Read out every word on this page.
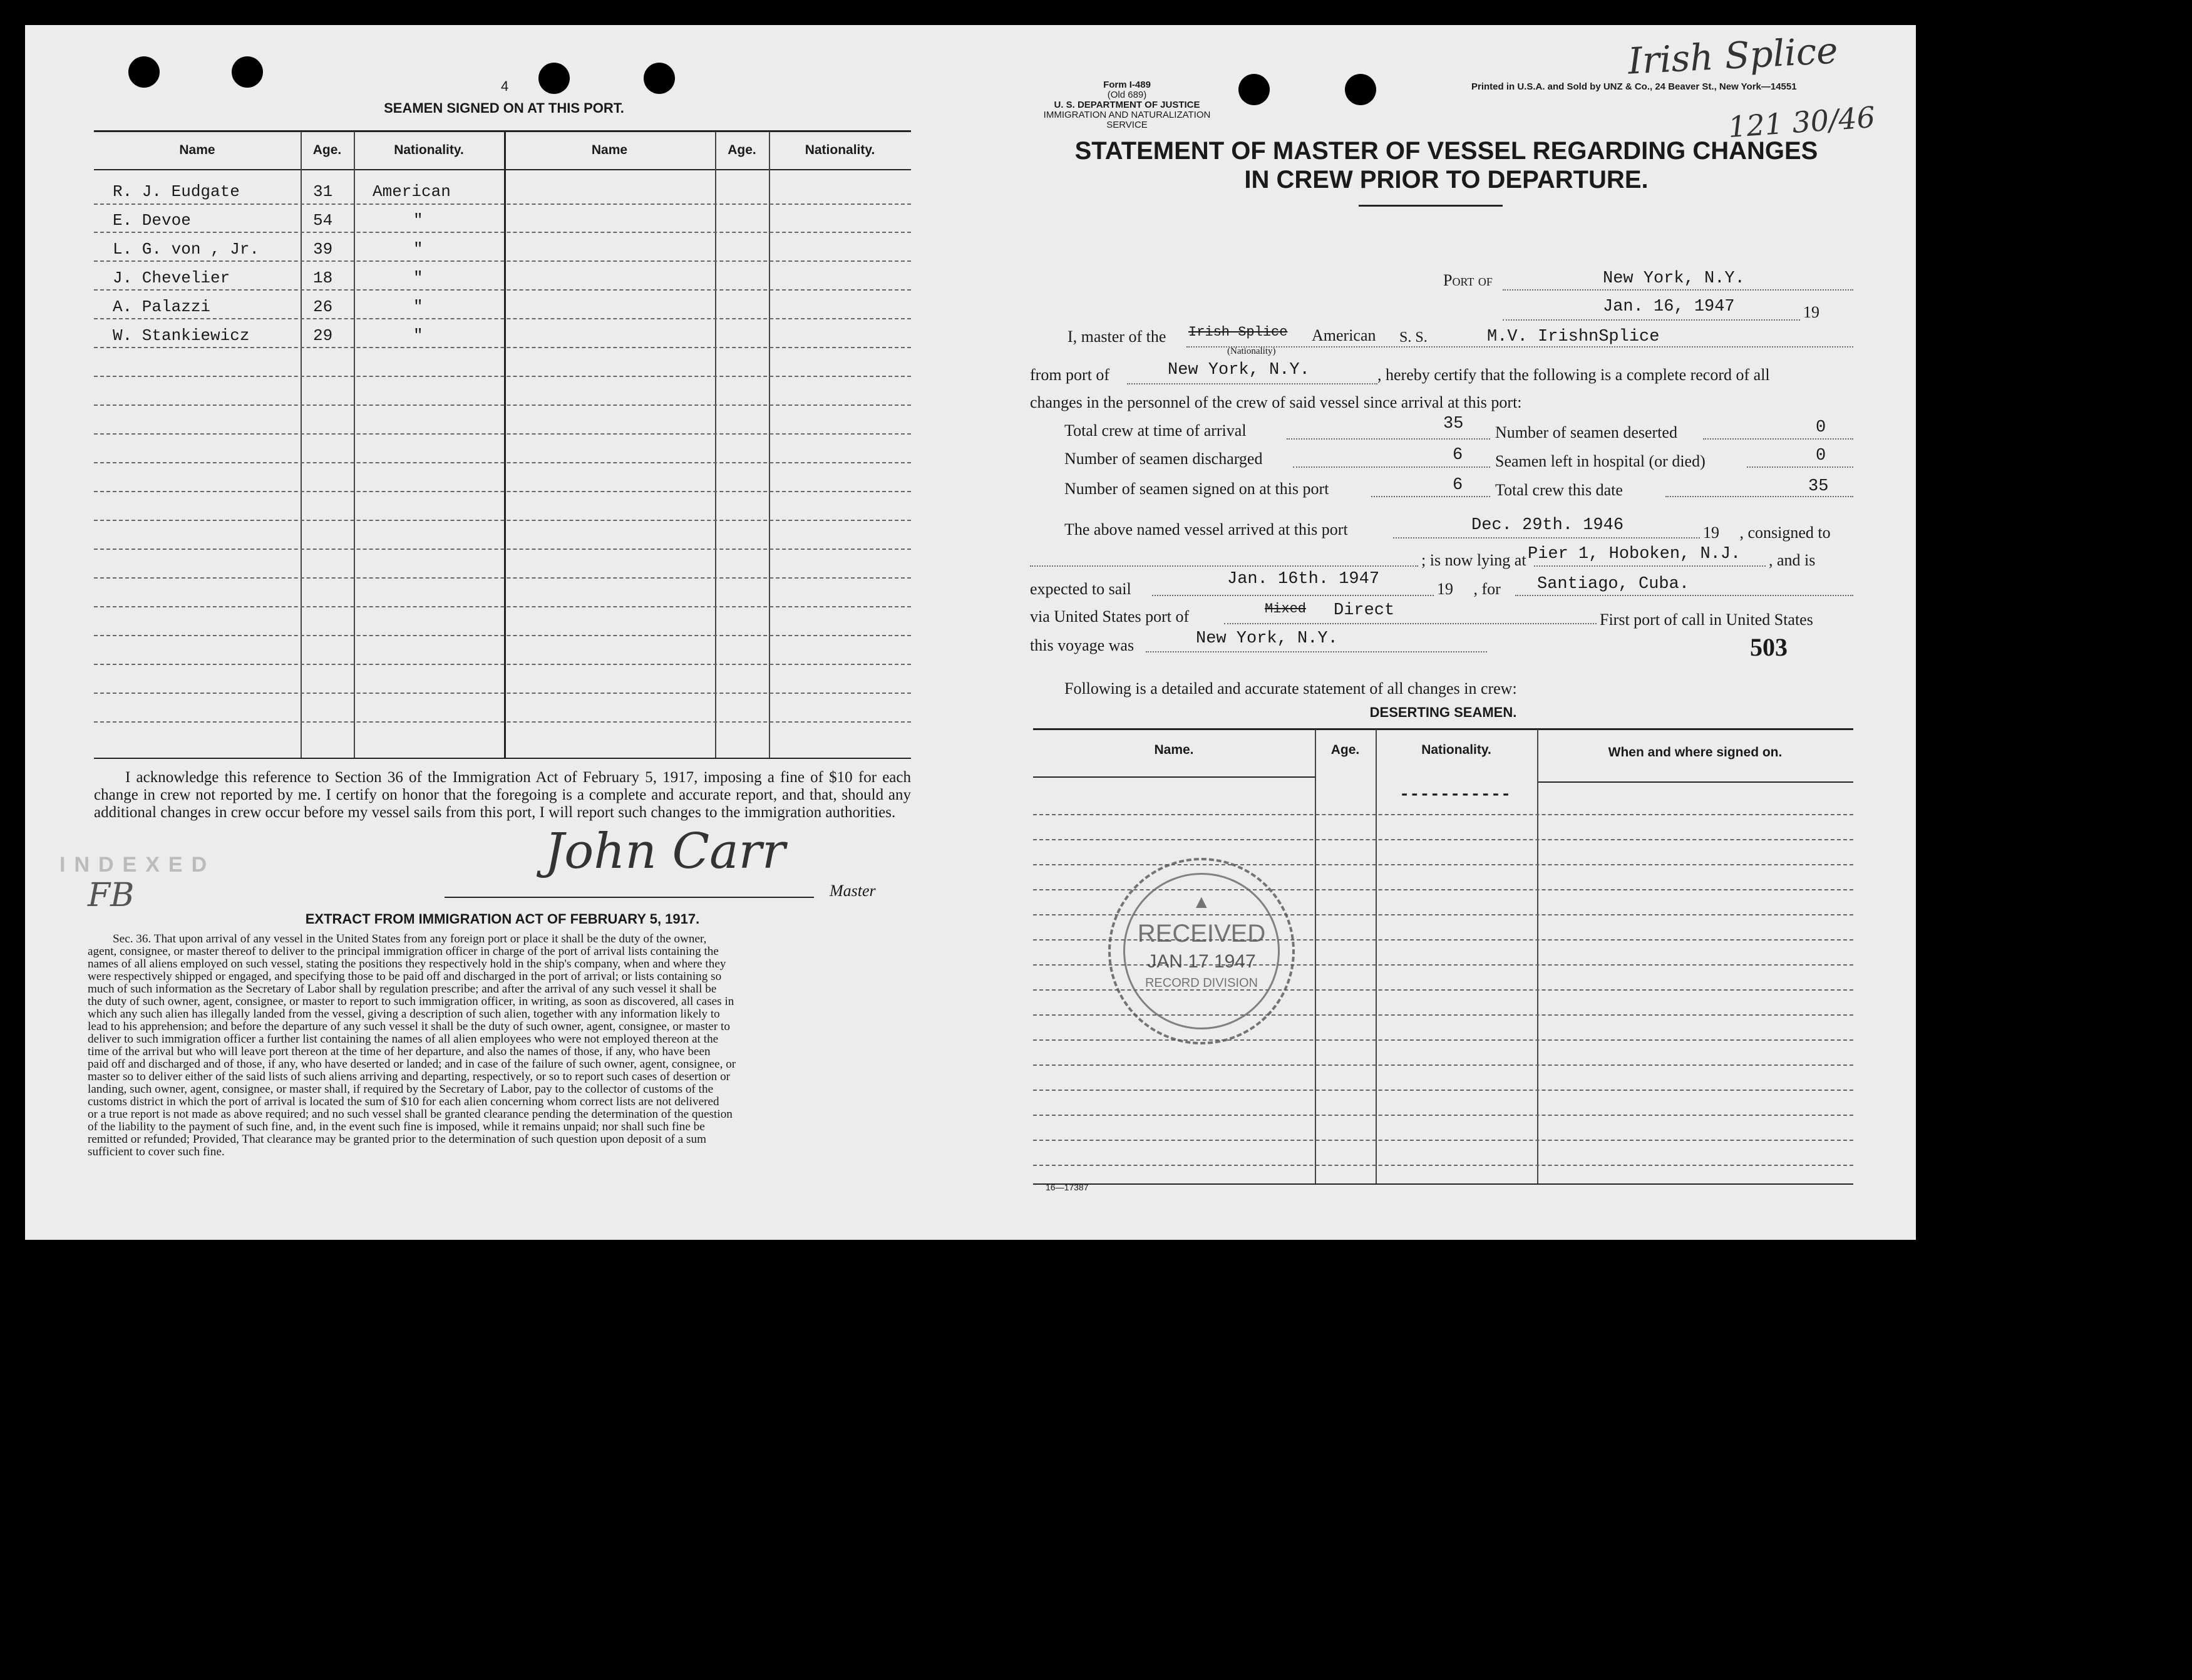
4
SEAMEN SIGNED ON AT THIS PORT.
Name	Age.	Nationality.	Name	Age.	Nationality.
R. J. Eudgate	31 American
E. Devoe	54	"
L. G. von , Jr.	39	"
J. Chevelier	18	"
A. Palazzi	26	"
W. Stankiewicz	29	"
I acknowledge this reference to Section 36 of the Immigration Act of February 5, 1917, imposing a fine of $10 for each change in crew not reported by me. I certify on honor that the foregoing is a complete and accurate report, and that, should any additional changes in crew occur before my vessel sails from this port, I will report such changes to the immigration authorities.
INDEXED
FB
John Carr
Master
EXTRACT FROM IMMIGRATION ACT OF FEBRUARY 5, 1917.
Sec. 36. That upon arrival of any vessel in the United States from any foreign port or place it shall be the duty of the owner,
agent, consignee, or master thereof to deliver to the principal immigration officer in charge of the port of arrival lists containing the
names of all aliens employed on such vessel, stating the positions they respectively hold in the ship's company, when and where they
were respectively shipped or engaged, and specifying those to be paid off and discharged in the port of arrival; or lists containing so
much of such information as the Secretary of Labor shall by regulation prescribe; and after the arrival of any such vessel it shall be
the duty of such owner, agent, consignee, or master to report to such immigration officer, in writing, as soon as discovered, all cases in
which any such alien has illegally landed from the vessel, giving a description of such alien, together with any information likely to
lead to his apprehension; and before the departure of any such vessel it shall be the duty of such owner, agent, consignee, or master to
deliver to such immigration officer a further list containing the names of all alien employees who were not employed thereon at the
time of the arrival but who will leave port thereon at the time of her departure, and also the names of those, if any, who have been
paid off and discharged and of those, if any, who have deserted or landed; and in case of the failure of such owner, agent, consignee, or
master so to deliver either of the said lists of such aliens arriving and departing, respectively, or so to report such cases of desertion or
landing, such owner, agent, consignee, or master shall, if required by the Secretary of Labor, pay to the collector of customs of the
customs district in which the port of arrival is located the sum of $10 for each alien concerning whom correct lists are not delivered
or a true report is not made as above required; and no such vessel shall be granted clearance pending the determination of the question
of the liability to the payment of such fine, and, in the event such fine is imposed, while it remains unpaid; nor shall such fine be
remitted or refunded; Provided, That clearance may be granted prior to the determination of such question upon deposit of a sum
sufficient to cover such fine.
Form I-489
(Old 689)
U. S. DEPARTMENT OF JUSTICE
IMMIGRATION AND NATURALIZATION SERVICE
Printed in U.S.A. and Sold by UNZ & Co., 24 Beaver St., New York—14551
Irish Splice
121 30/46
STATEMENT OF MASTER OF VESSEL REGARDING CHANGES
IN CREW PRIOR TO DEPARTURE.
Port of	New York, N.Y.
Jan. 16, 1947	19
I, master of the Irish Splice American
(Nationality)
S. S.	M.V. IrishnSplice
from port of	New York, N.Y.	, hereby certify that the following is a complete record of all
changes in the personnel of the crew of said vessel since arrival at this port:
Total crew at time of arrival	35 Number of seamen deserted	0
Number of seamen discharged	6 Seamen left in hospital (or died)	0
Number of seamen signed on at this port	6 Total crew this date	35
The above named vessel arrived at this port	Dec. 29th. 1946	19     , consigned to
; is now lying at Pier 1, Hoboken, N.J. , and is
expected to sail
Jan. 16th. 1947
19     , for Santiago, Cuba.
via United States port of	Mixed Direct	First port of call in United States
this voyage was	New York, N.Y.	503
Following is a detailed and accurate statement of all changes in crew:
DESERTING SEAMEN.
Name.	Age.	Nationality.	When and where signed on.
-----------
RECEIVED
JAN 17 1947
RECORD DIVISION
▲
16—17387
